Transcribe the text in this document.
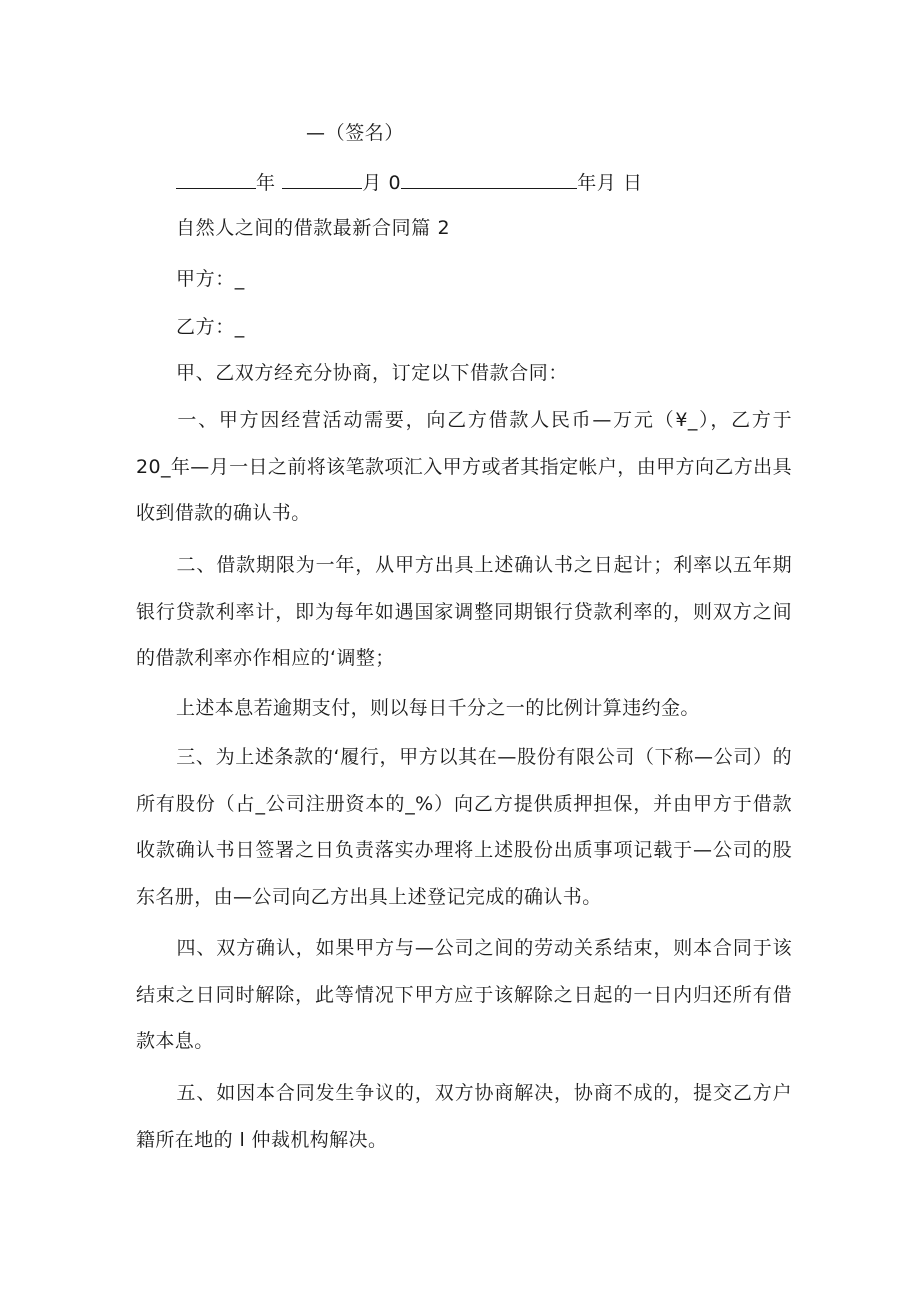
—（签名）
年	月 0	年月 日
自然人之间的借款最新合同篇 2
甲方：_
乙方：_
甲、乙双方经充分协商，订定以下借款合同：
一、甲方因经营活动需要，向乙方借款人民币—万元（¥_），乙方于 20_年—月一日之前将该笔款项汇入甲方或者其指定帐户，由甲方向乙方出具收到借款的确认书。
二、借款期限为一年，从甲方出具上述确认书之日起计；利率以五年期银行贷款利率计，即为每年如遇国家调整同期银行贷款利率的，则双方之间的借款利率亦作相应的‘调整；
上述本息若逾期支付，则以每日千分之一的比例计算违约金。
三、为上述条款的‘履行，甲方以其在—股份有限公司（下称—公司）的所有股份（占_公司注册资本的_%）向乙方提供质押担保，并由甲方于借款收款确认书日签署之日负责落实办理将上述股份出质事项记载于—公司的股东名册，由—公司向乙方出具上述登记完成的确认书。
四、双方确认，如果甲方与—公司之间的劳动关系结束，则本合同于该结束之日同时解除，此等情况下甲方应于该解除之日起的一日内归还所有借款本息。
五、如因本合同发生争议的，双方协商解决，协商不成的，提交乙方户籍所在地的 l 仲裁机构解决。
